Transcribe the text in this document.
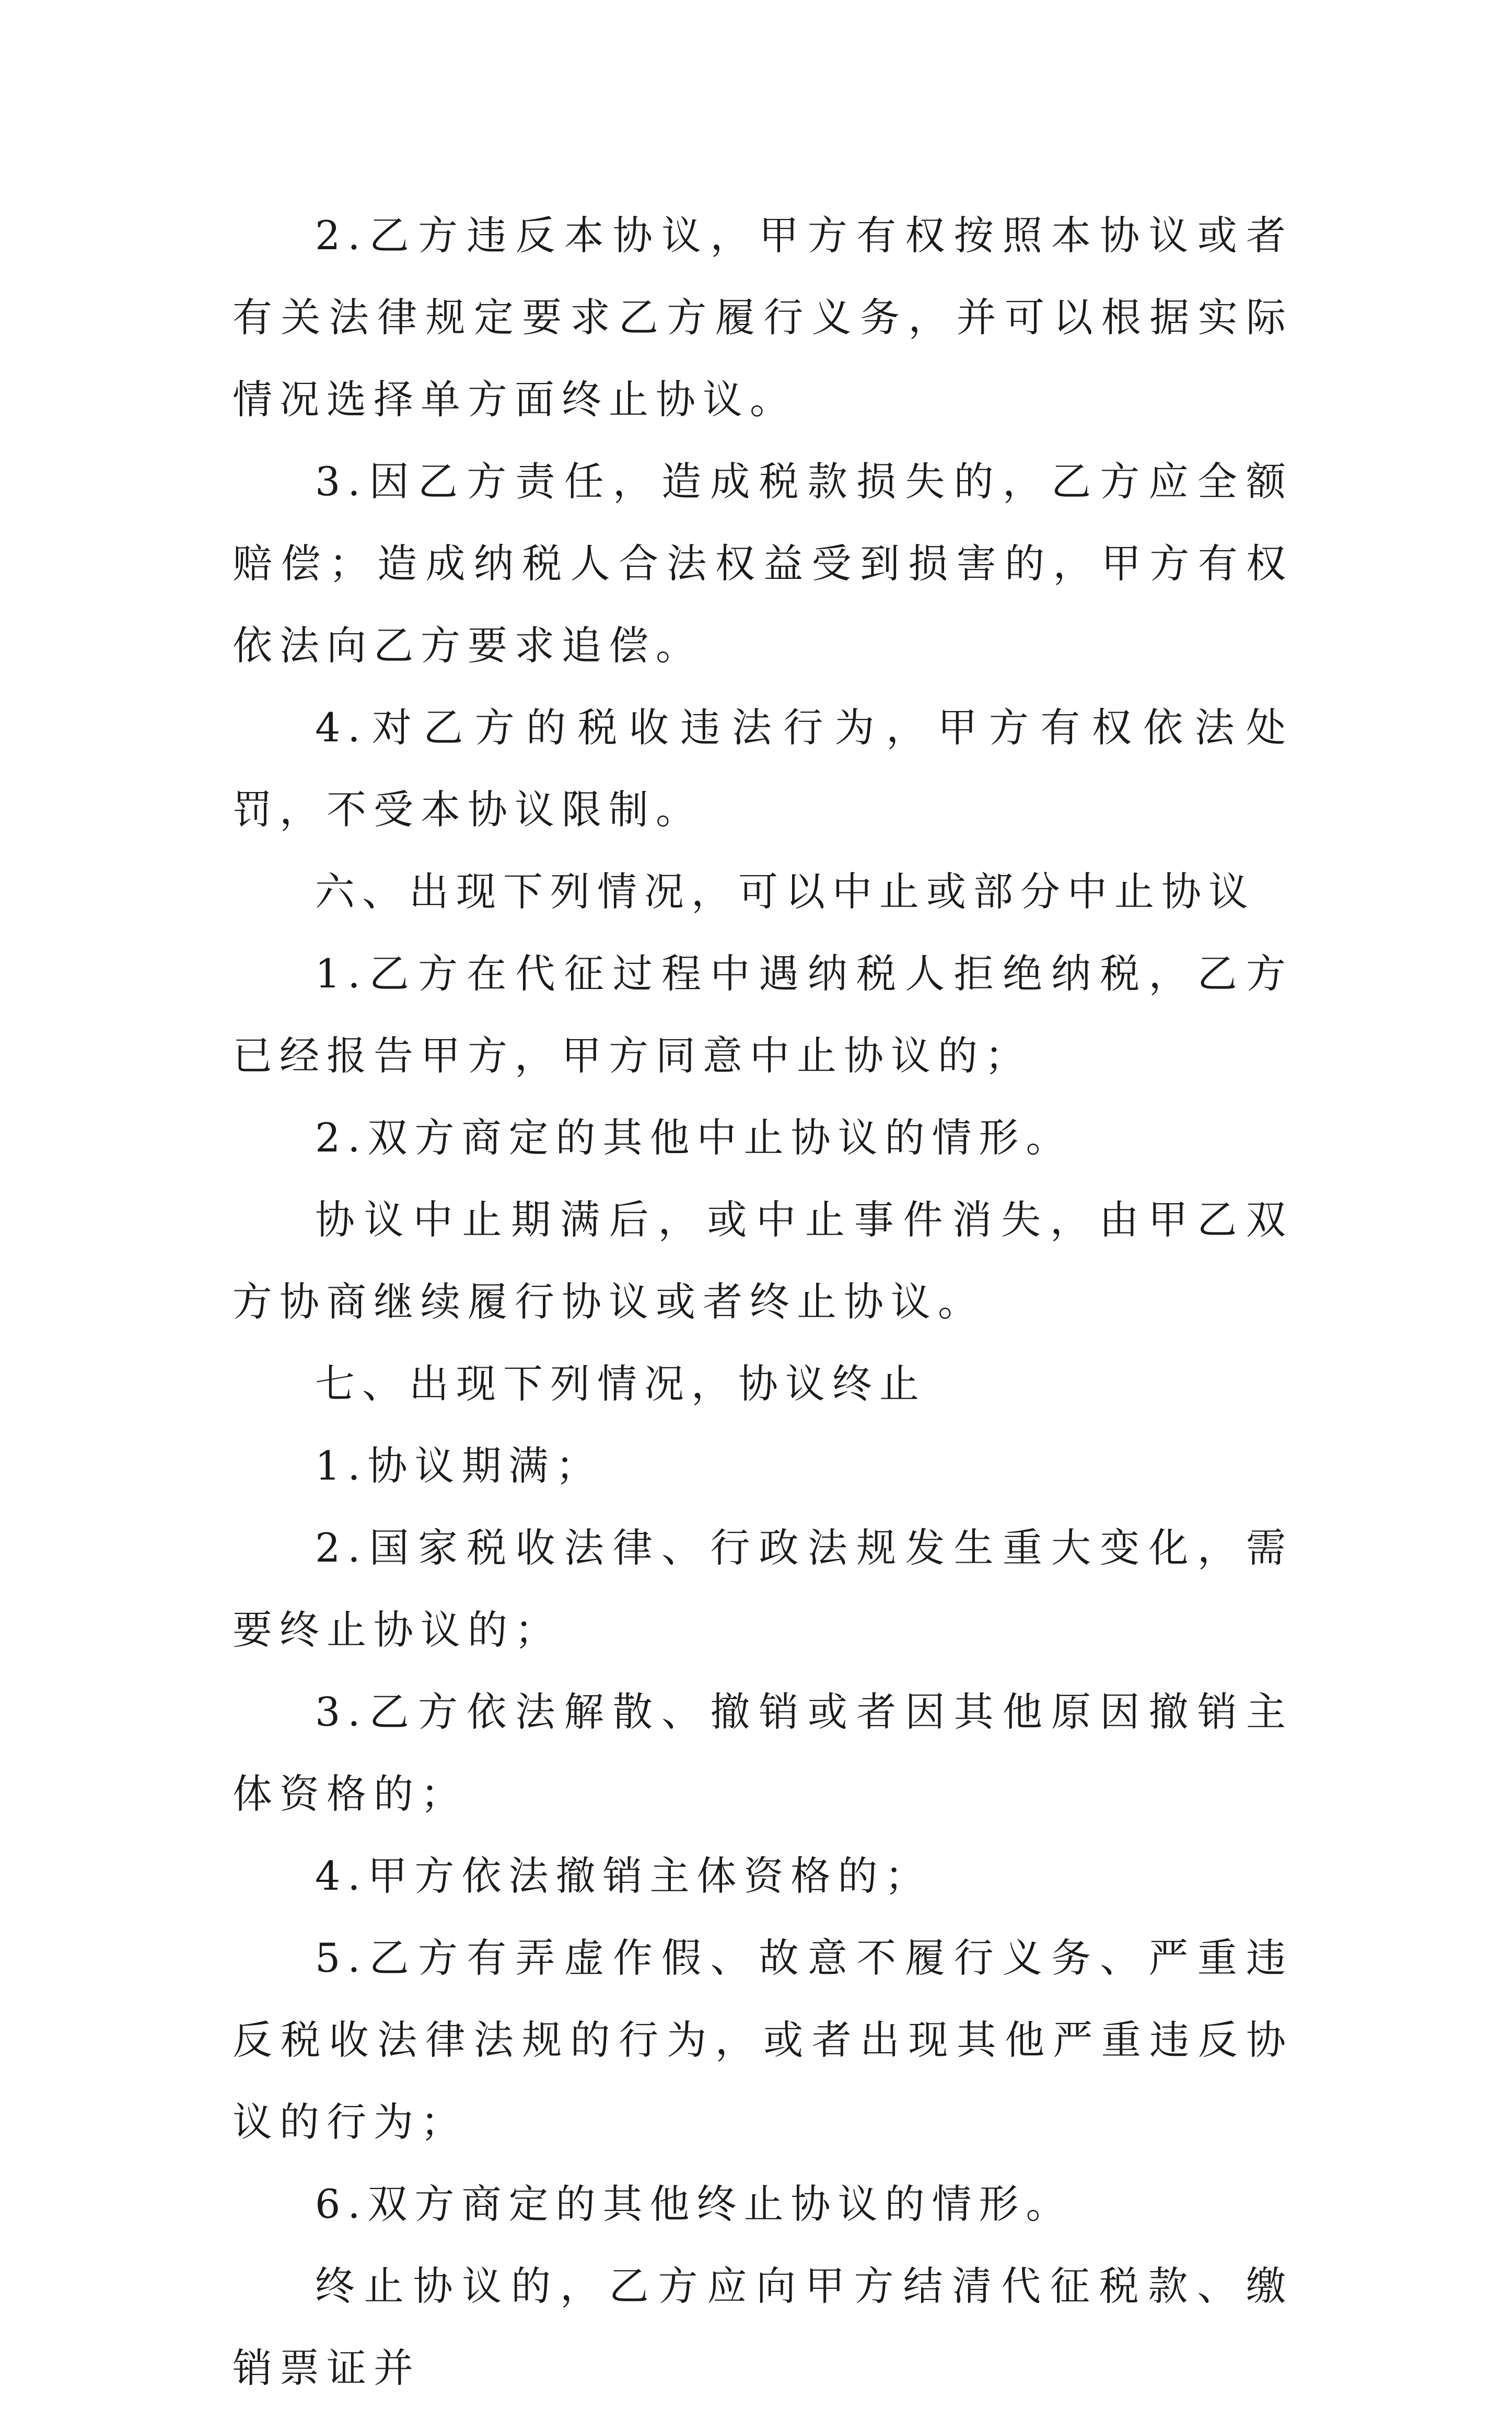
2.乙方违反本协议，甲方有权按照本协议或者有关法律规定要求乙方履行义务，并可以根据实际情况选择单方面终止协议。

3.因乙方责任，造成税款损失的，乙方应全额赔偿；造成纳税人合法权益受到损害的，甲方有权依法向乙方要求追偿。

4.对乙方的税收违法行为，甲方有权依法处罚，不受本协议限制。

六、出现下列情况，可以中止或部分中止协议

1.乙方在代征过程中遇纳税人拒绝纳税，乙方已经报告甲方，甲方同意中止协议的；

2.双方商定的其他中止协议的情形。

协议中止期满后，或中止事件消失，由甲乙双方协商继续履行协议或者终止协议。

七、出现下列情况，协议终止

1.协议期满；

2.国家税收法律、行政法规发生重大变化，需要终止协议的；

3.乙方依法解散、撤销或者因其他原因撤销主体资格的；

4.甲方依法撤销主体资格的；

5.乙方有弄虚作假、故意不履行义务、严重违反税收法律法规的行为，或者出现其他严重违反协议的行为；

6.双方商定的其他终止协议的情形。

终止协议的，乙方应向甲方结清代征税款、缴销票证并
